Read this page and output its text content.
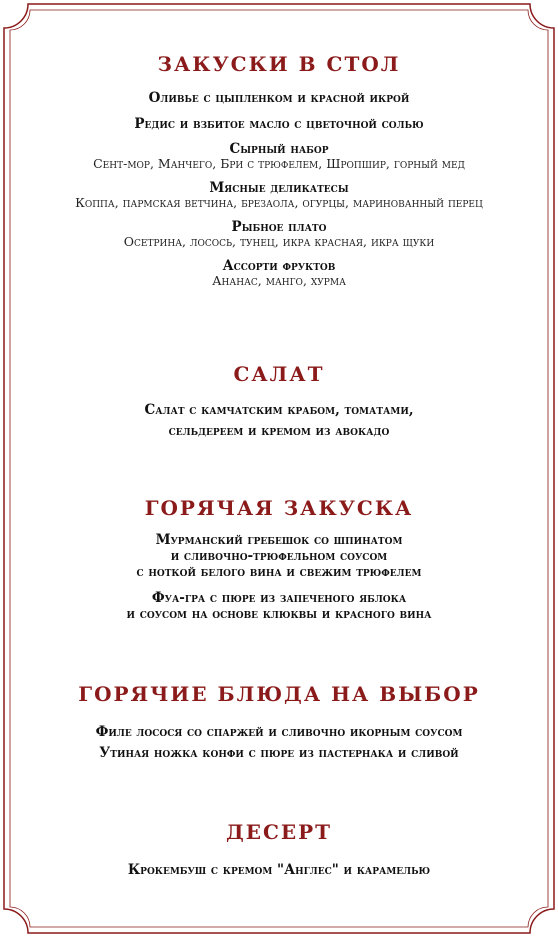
ЗАКУСКИ В СТОЛ
Оливье с цыпленком и красной икрой
Редис и взбитое масло с цветочной солью
Сырный набор
Сент-мор, Манчего, Бри с трюфелем, Шропшир, горный мед
Мясные деликатесы
Коппа, пармская ветчина, брезаола, огурцы, маринованный перец
Рыбное плато
Осетрина, лосось, тунец, икра красная, икра щуки
Ассорти фруктов
Ананас, манго, хурма
САЛАТ
Салат с камчатским крабом, томатами,
сельдереем и кремом из авокадо
ГОРЯЧАЯ ЗАКУСКА
Мурманский гребешок со шпинатом
и сливочно-трюфельном соусом
с ноткой белого вина и свежим трюфелем
Фуа-гра с пюре из запеченого яблока
и соусом на основе клюквы и красного вина
ГОРЯЧИЕ БЛЮДА НА ВЫБОР
Филе лосося со спаржей и сливочно икорным соусом
Утиная ножка конфи с пюре из пастернака и сливой
ДЕСЕРТ
Крокембуш с кремом "Англес" и карамелью
